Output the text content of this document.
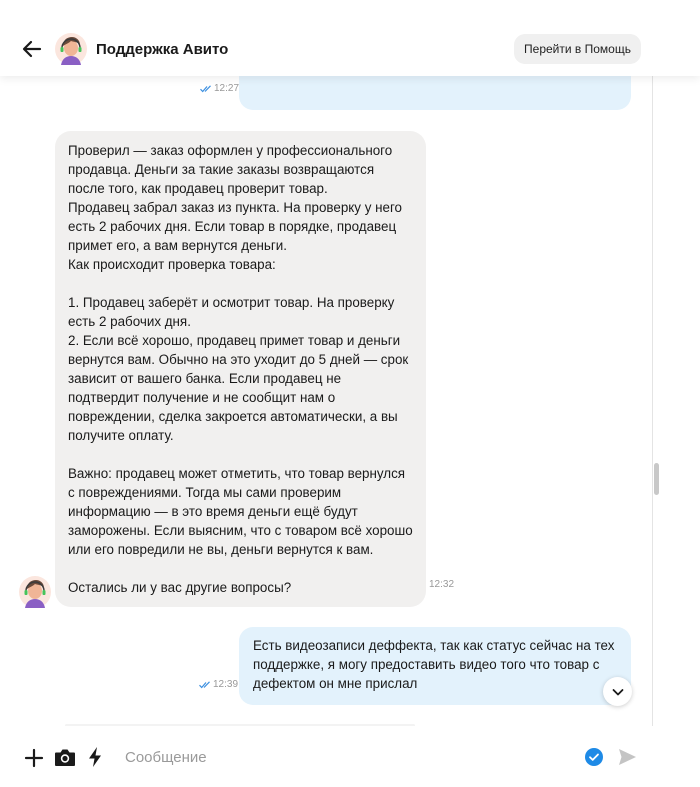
Поддержка Авито	Перейти в Помощь

12:27

Проверил — заказ оформлен у профессионального

продавца. Деньги за такие заказы возвращаются

после того, как продавец проверит товар.

Продавец забрал заказ из пункта. На проверку у него

есть 2 рабочих дня. Если товар в порядке, продавец

примет его, а вам вернутся деньги.

Как происходит проверка товара:

1. Продавец заберёт и осмотрит товар. На проверку

есть 2 рабочих дня.

2. Если всё хорошо, продавец примет товар и деньги

вернутся вам. Обычно на это уходит до 5 дней — срок

зависит от вашего банка. Если продавец не

подтвердит получение и не сообщит нам о

повреждении, сделка закроется автоматически, а вы

получите оплату.

Важно: продавец может отметить, что товар вернулся

с повреждениями. Тогда мы сами проверим

информацию — в это время деньги ещё будут

заморожены. Если выясним, что с товаром всё хорошо

или его повредили не вы, деньги вернутся к вам.

Остались ли у вас другие вопросы?	12:32

Есть видеозаписи деффекта, так как статус сейчас на тех

поддержке, я могу предоставить видео того что товар с

дефектом он мне прислал

12:39
Сообщение
